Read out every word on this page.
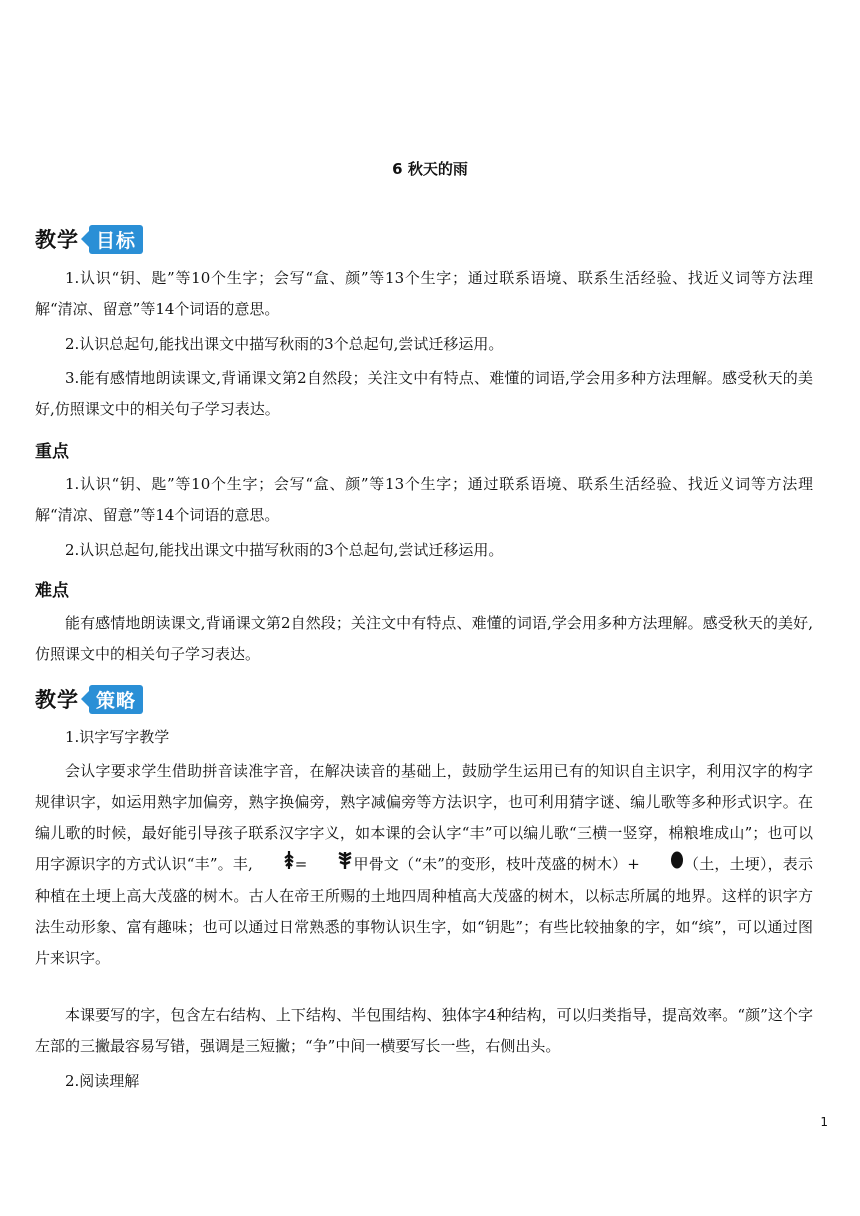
6 秋天的雨
教学 目标

1.认识“钥、匙”等10个生字；会写“盒、颜”等13个生字；通过联系语境、联系生活经验、找近义词等方法理解“清凉、留意”等14个词语的意思。

2.认识总起句,能找出课文中描写秋雨的3个总起句,尝试迁移运用。

3.能有感情地朗读课文,背诵课文第2自然段；关注文中有特点、难懂的词语,学会用多种方法理解。感受秋天的美好,仿照课文中的相关句子学习表达。

重点

1.认识“钥、匙”等10个生字；会写“盒、颜”等13个生字；通过联系语境、联系生活经验、找近义词等方法理解“清凉、留意”等14个词语的意思。

2.认识总起句,能找出课文中描写秋雨的3个总起句,尝试迁移运用。

难点

能有感情地朗读课文,背诵课文第2自然段；关注文中有特点、难懂的词语,学会用多种方法理解。感受秋天的美好,仿照课文中的相关句子学习表达。

教学 策略

1.识字写字教学

会认字要求学生借助拼音读准字音，在解决读音的基础上，鼓励学生运用已有的知识自主识字，利用汉字的构字规律识字，如运用熟字加偏旁，熟字换偏旁，熟字减偏旁等方法识字，也可利用猜字谜、编儿歌等多种形式识字。在编儿歌的时候，最好能引导孩子联系汉字字义，如本课的会认字“丰”可以编儿歌“三横一竖穿，棉粮堆成山”；也可以用字源识字的方式认识“丰”。丰,	=	甲骨文（“未”的变形，枝叶茂盛的树木）+	（土，土埂），表示种植在土埂上高大茂盛的树木。古人在帝王所赐的土地四周种植高大茂盛的树木，以标志所属的地界。这样的识字方法生动形象、富有趣味；也可以通过日常熟悉的事物认识生字，如“钥匙”；有些比较抽象的字，如“缤”，可以通过图片来识字。

本课要写的字，包含左右结构、上下结构、半包围结构、独体字4种结构，可以归类指导，提高效率。“颜”这个字左部的三撇最容易写错，强调是三短撇；“争”中间一横要写长一些，右侧出头。

2.阅读理解

1
